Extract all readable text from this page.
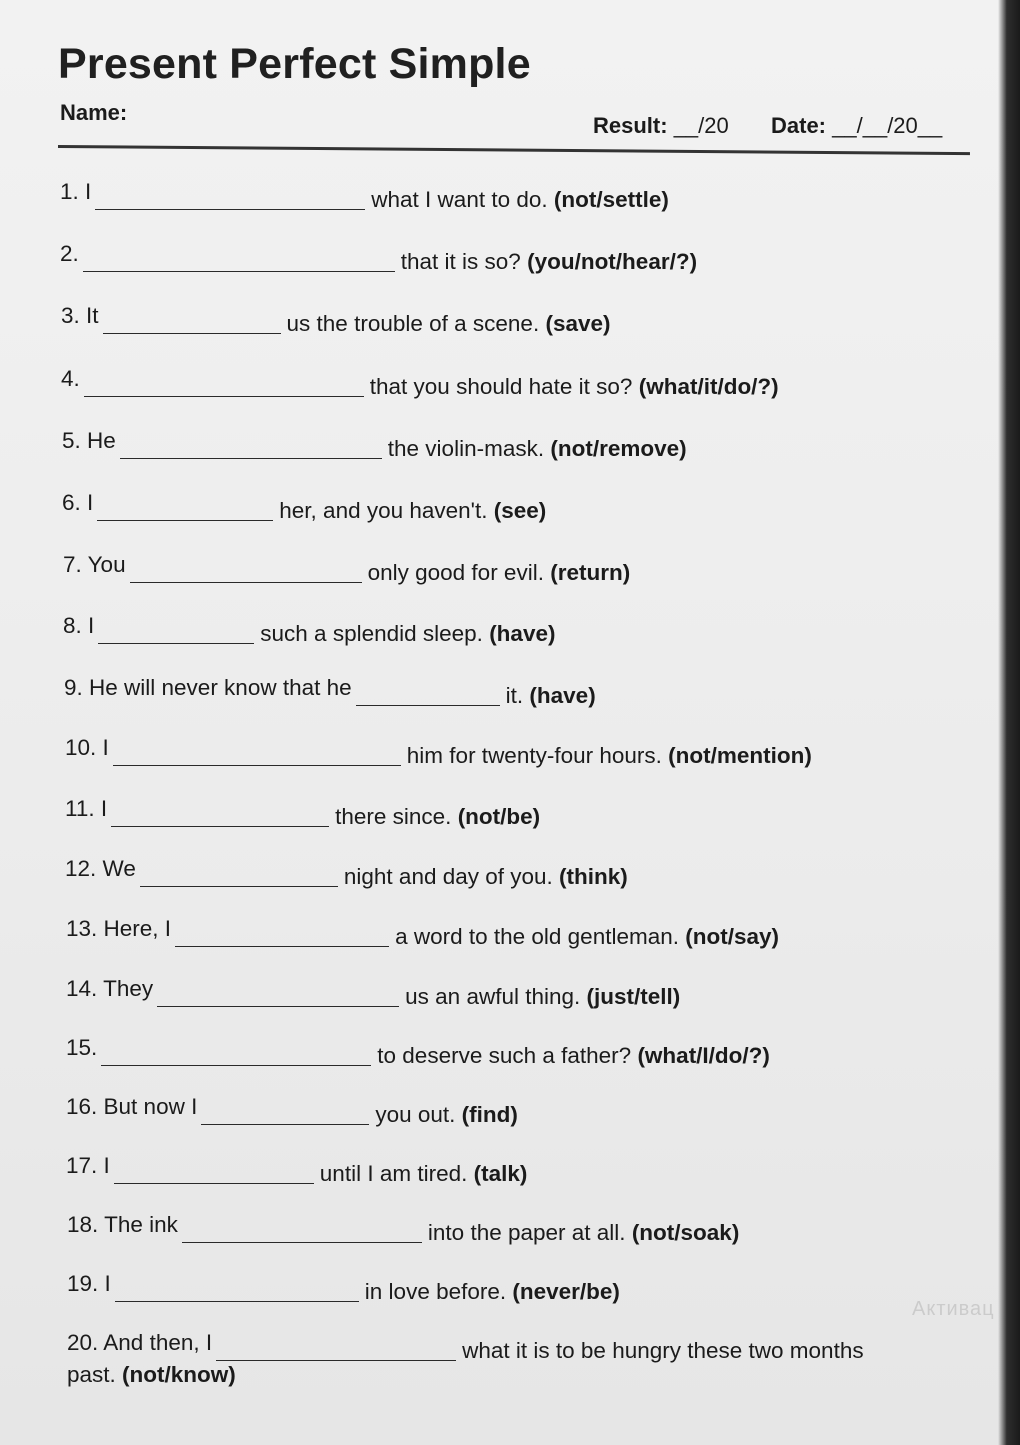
Present Perfect Simple
Name:
Result: __/20 Date: __/__/20__
1. I	what I want to do. (not/settle)
2.	that it is so? (you/not/hear/?)
3. It	us the trouble of a scene. (save)
4.	that you should hate it so? (what/it/do/?)
5. He	the violin-mask. (not/remove)
6. I	her, and you haven't. (see)
7. You	only good for evil. (return)
8. I	such a splendid sleep. (have)
9. He will never know that he	it. (have)
10. I	him for twenty-four hours. (not/mention)
11. I	there since. (not/be)
12. We	night and day of you. (think)
13. Here, I	a word to the old gentleman. (not/say)
14. They	us an awful thing. (just/tell)
15.	to deserve such a father? (what/I/do/?)
16. But now I	you out. (find)
17. I	until I am tired. (talk)
18. The ink	into the paper at all. (not/soak)
19. I	in love before. (never/be)
20. And then, I	what it is to be hungry these two months
past. (not/know)
Активац
